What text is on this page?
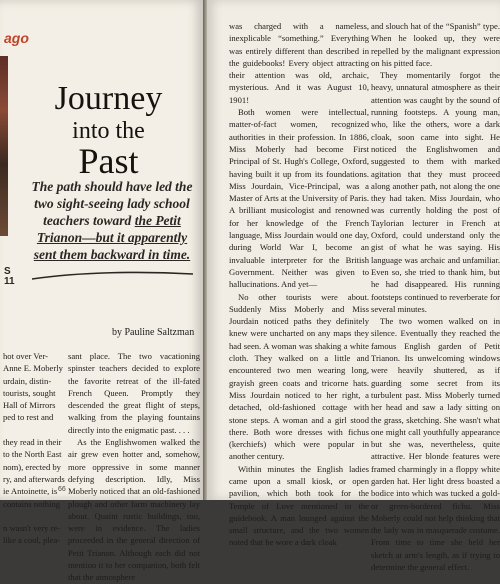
ago
Journey
into the
Past
The path should have led the two sight-seeing lady school teachers toward the Petit Trianon—but it apparently sent them backward in time.
S
11
by Pauline Saltzman
hot over Ver-
Anne E. Moberly
urdain, distin-
tourists, sought
Hall of Mirrors
ped to rest and
they read in their
to the North East
nom), erected by
ry, and afterwards
ie Antoinette, is
contains nothing
n wasn't very re-
like a cool, plea-

sant place. The two vacationing spinster teachers decided to explore the favorite retreat of the ill-fated French Queen. Promptly they descended the great flight of steps, walking from the playing fountains directly into the enigmatic past. . . .

As the Englishwomen walked the air grew even hotter and, somehow, more oppressive in some manner defying description. Idly, Miss Moberly noticed that an old-fashioned plough and other farm machinery lay about. Quaint rustic buildings, too, were in evidence. The ladies proceeded in the general direction of Petit Trianon. Although each did not mention it to her companion, both felt that the atmosphere

66

was charged with a nameless, inexplicable “something.” Everything was entirely different than described in the guidebooks! Every object attracting their attention was old, archaic, mysterious. And it was August 10, 1901!

Both women were intellectual, matter-of-fact women, recognized authorities in their profession. In 1886, Miss Moberly had become First Principal of St. Hugh's College, Oxford, having built it up from its foundations. Miss Jourdain, Vice-Principal, was a Master of Arts at the University of Paris. A brilliant musicologist and renowned for her knowledge of the French language, Miss Jourdain would one day, during World War I, become an invaluable interpreter for the British Government. Neither was given to hallucinations. And yet—

No other tourists were about. Suddenly Miss Moberly and Miss Jourdain noticed paths they definitely knew were uncharted on any maps they had seen. A woman was shaking a white cloth. They walked on a little and encountered two men wearing long, grayish green coats and tricorne hats. Miss Jourdain noticed to her right, a detached, old-fashioned cottage with stone steps. A woman and a girl stood there. Both wore dresses with fichus (kerchiefs) which were popular in another century.

Within minutes the English ladies came upon a small kiosk, or open pavilion, which both took for the Temple of Love mentioned in the guidebook. A man lounged against the small structure, and the two women noted that he wore a dark cloak

and slouch hat of the “Spanish” type. When he looked up, they were repelled by the malignant expression on his pitted face.

They momentarily forgot the heavy, unnatural atmosphere as their attention was caught by the sound of running footsteps. A young man, who, like the others, wore a dark cloak, soon came into sight. He noticed the Englishwomen and suggested to them with marked agitation that they must proceed along another path, not along the one they had taken. Miss Jourdain, who was currently holding the post of Taylorian lecturer in French at Oxford, could understand only the gist of what he was saying. His language was archaic and unfamiliar. Even so, she tried to thank him, but he had disappeared. His running footsteps continued to reverberate for several minutes.

The two women walked on in silence. Eventually they reached the famous English garden of Petit Trianon. Its unwelcoming windows were heavily shuttered, as if guarding some secret from its turbulent past. Miss Moberly turned her head and saw a lady sitting on the grass, sketching. She wasn't what one might call youthfully appearance but she was, nevertheless, quite attractive. Her blonde features were framed charmingly in a floppy white garden hat. Her light dress boasted a bodice into which was tucked a gold- or green-bordered fichu. Miss Moberly could not help thinking that the lady was in masquerade costume. From time to time she held her sketch at arm's length, as if trying to determine the general effect.
